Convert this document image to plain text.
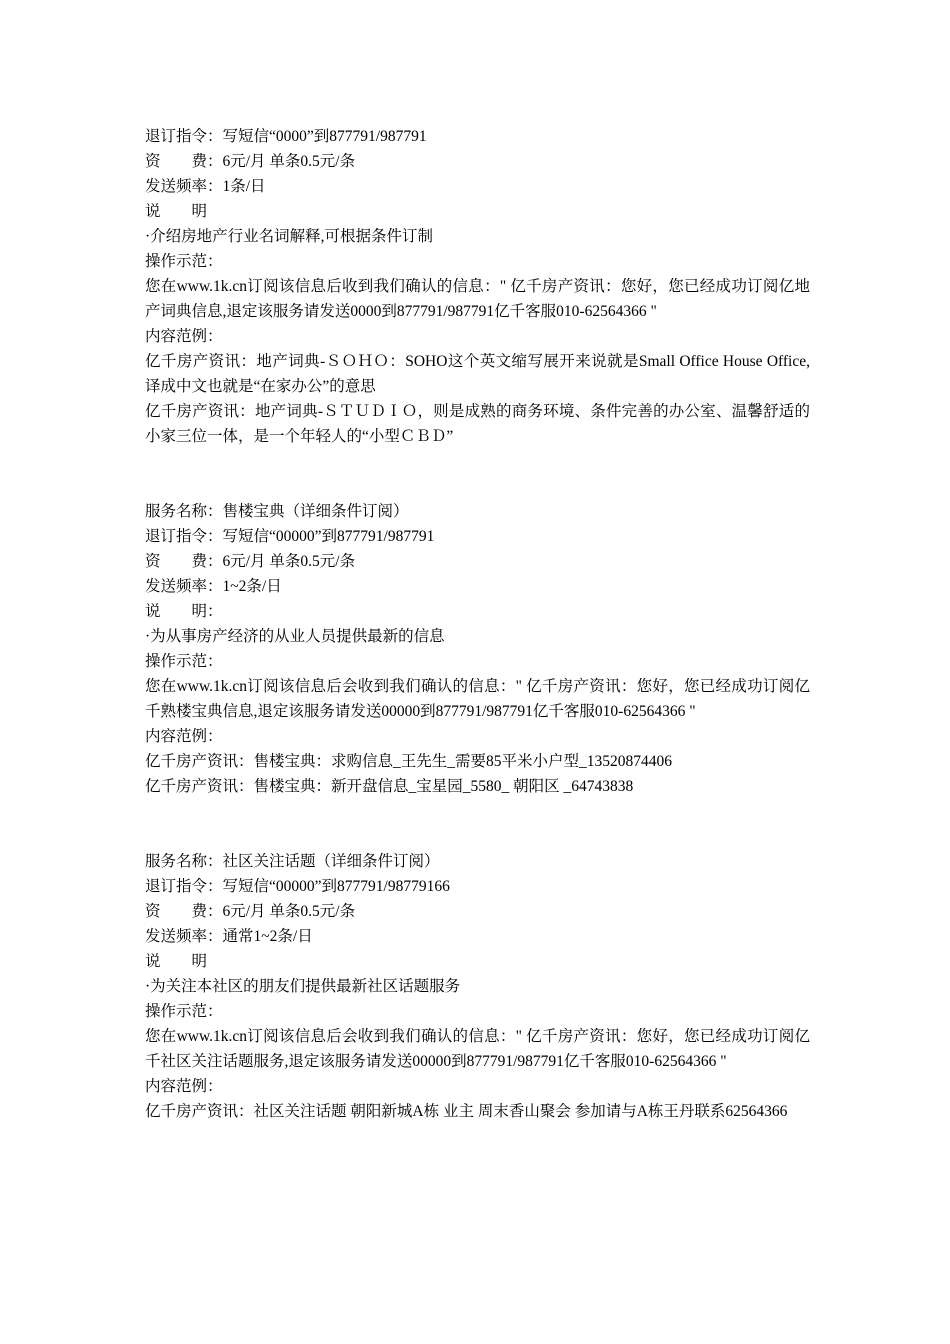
退订指令：写短信“0000”到877791/987791
资　　费：6元/月 单条0.5元/条
发送频率：1条/日
说　　明
·介绍房地产行业名词解释,可根据条件订制
操作示范：
您在www.1k.cn订阅该信息后收到我们确认的信息：" 亿千房产资讯：您好，您已经成功订阅亿地产词典信息,退定该服务请发送0000到877791/987791亿千客服010-62564366 "
内容范例：
亿千房产资讯：地产词典-ＳＯＨＯ：SOHO这个英文缩写展开来说就是Small Office House Office,译成中文也就是“在家办公”的意思
亿千房产资讯：地产词典-ＳＴＵＤＩＯ，则是成熟的商务环境、条件完善的办公室、温馨舒适的小家三位一体，是一个年轻人的“小型ＣＢＤ”
服务名称：售楼宝典（详细条件订阅）
退订指令：写短信“00000”到877791/987791
资　　费：6元/月 单条0.5元/条
发送频率：1~2条/日
说　　明：
·为从事房产经济的从业人员提供最新的信息
操作示范：
您在www.1k.cn订阅该信息后会收到我们确认的信息：" 亿千房产资讯：您好，您已经成功订阅亿千熟楼宝典信息,退定该服务请发送00000到877791/987791亿千客服010-62564366 "
内容范例：
亿千房产资讯：售楼宝典：求购信息_王先生_需要85平米小户型_13520874406
亿千房产资讯：售楼宝典：新开盘信息_宝星园_5580_ 朝阳区 _64743838
服务名称：社区关注话题（详细条件订阅）
退订指令：写短信“00000”到877791/98779166
资　　费：6元/月 单条0.5元/条
发送频率：通常1~2条/日
说　　明
·为关注本社区的朋友们提供最新社区话题服务
操作示范：
您在www.1k.cn订阅该信息后会收到我们确认的信息：" 亿千房产资讯：您好，您已经成功订阅亿千社区关注话题服务,退定该服务请发送00000到877791/987791亿千客服010-62564366 "
内容范例：
亿千房产资讯：社区关注话题 朝阳新城A栋 业主 周末香山聚会 参加请与A栋王丹联系62564366
